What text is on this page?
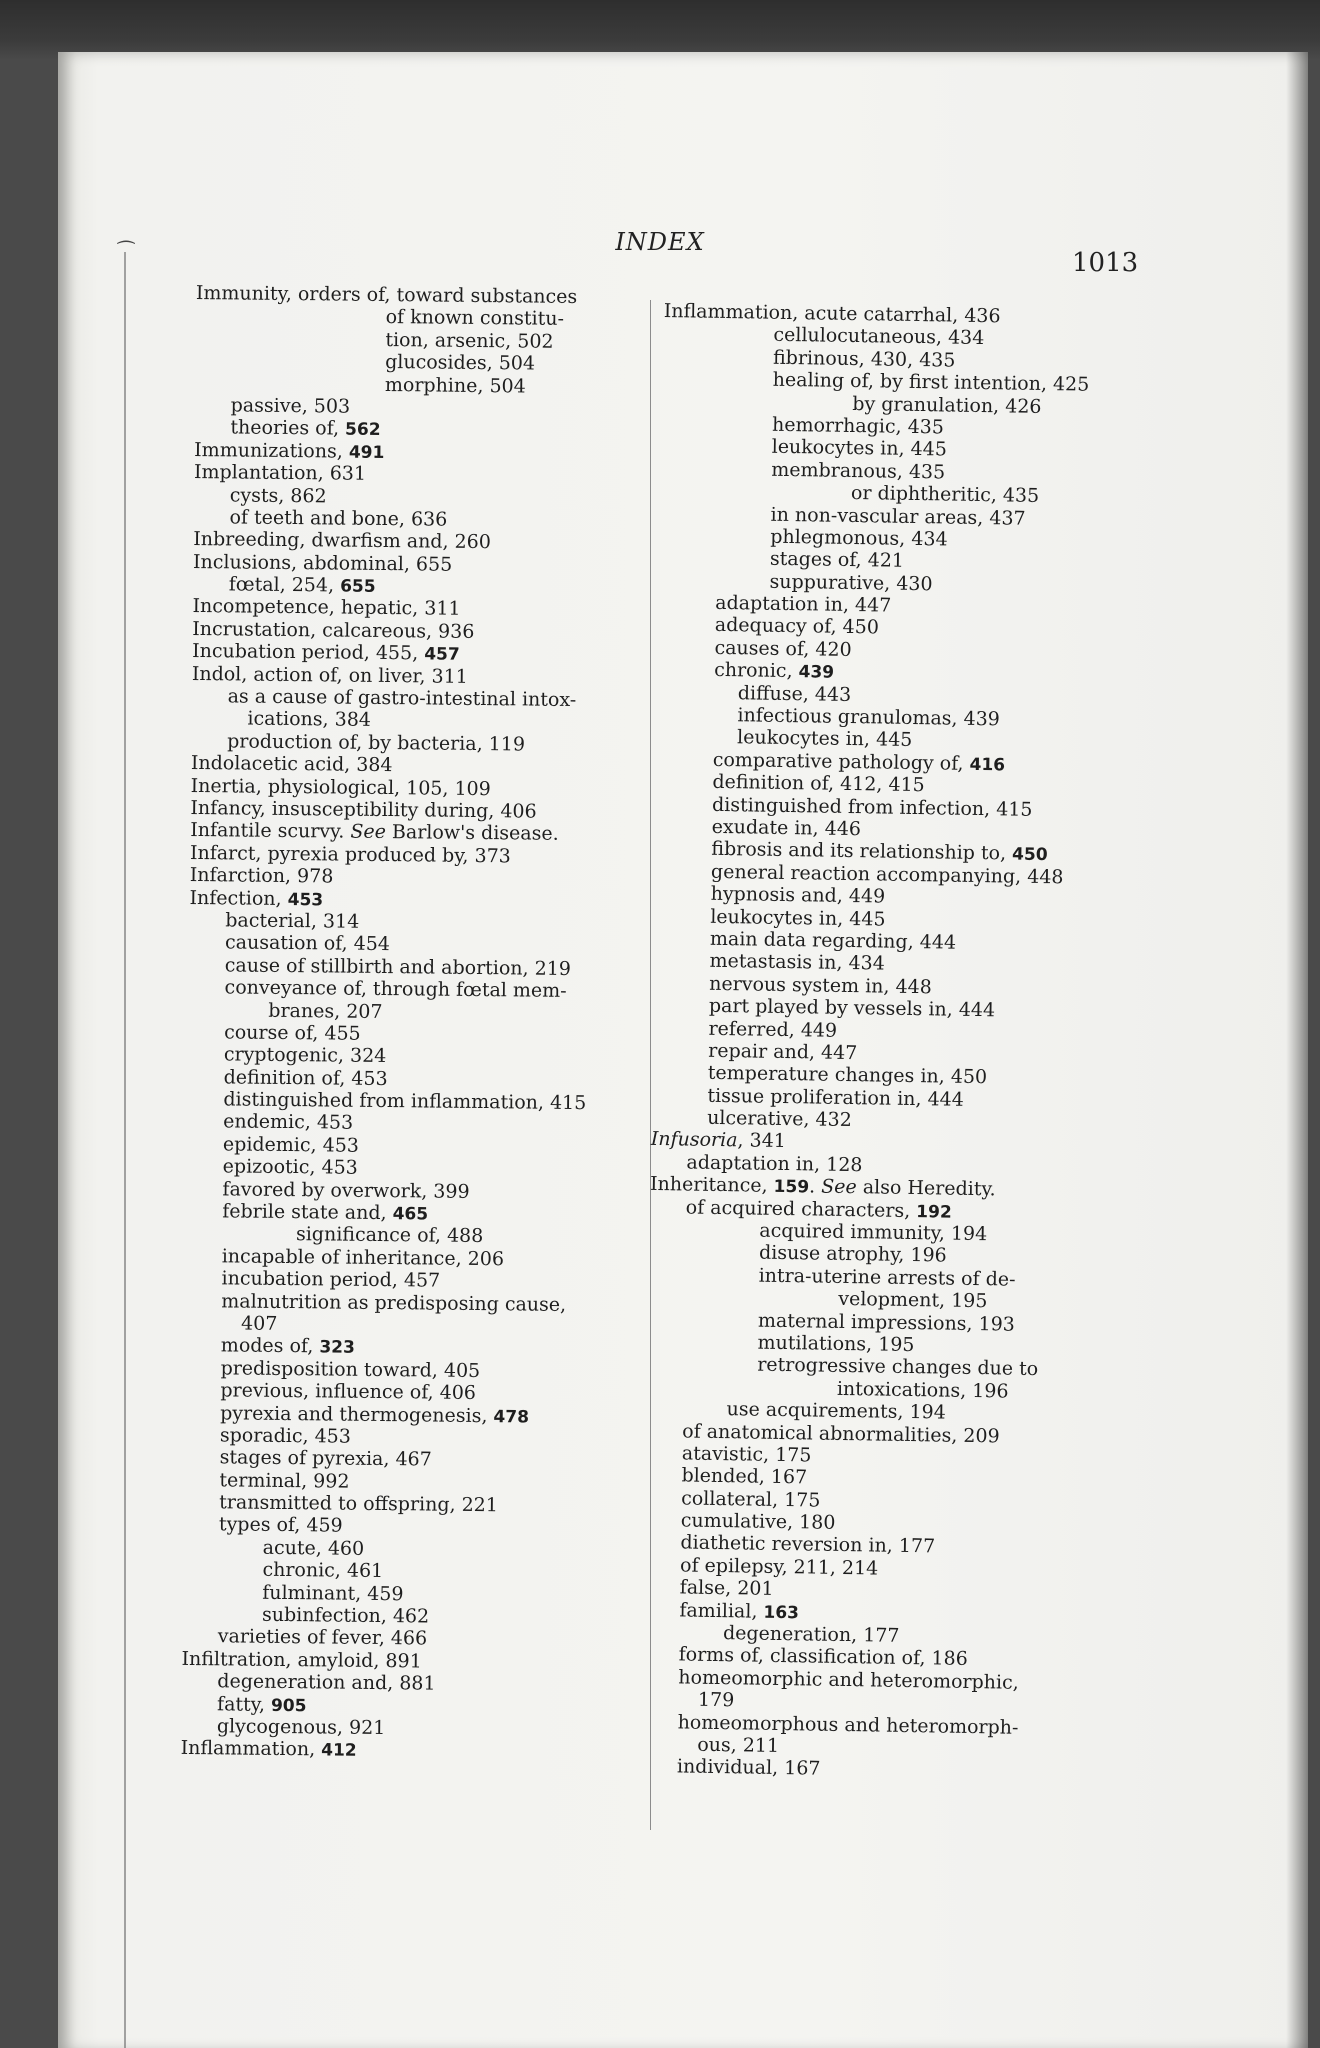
⁀	INDEX
1013
Immunity, orders of, toward substances
of known constitu-
tion, arsenic, 502
glucosides, 504
morphine, 504
passive, 503
theories of, 562
Immunizations, 491
Implantation, 631
cysts, 862
of teeth and bone, 636
Inbreeding, dwarfism and, 260
Inclusions, abdominal, 655
fœtal, 254, 655
Incompetence, hepatic, 311
Incrustation, calcareous, 936
Incubation period, 455, 457
Indol, action of, on liver, 311
as a cause of gastro-intestinal intox-
ications, 384
production of, by bacteria, 119
Indolacetic acid, 384
Inertia, physiological, 105, 109
Infancy, insusceptibility during, 406
Infantile scurvy. See Barlow's disease.
Infarct, pyrexia produced by, 373
Infarction, 978
Infection, 453
bacterial, 314
causation of, 454
cause of stillbirth and abortion, 219
conveyance of, through fœtal mem-
branes, 207
course of, 455
cryptogenic, 324
definition of, 453
distinguished from inflammation, 415
endemic, 453
epidemic, 453
epizootic, 453
favored by overwork, 399
febrile state and, 465
significance of, 488
incapable of inheritance, 206
incubation period, 457
malnutrition as predisposing cause,
407
modes of, 323
predisposition toward, 405
previous, influence of, 406
pyrexia and thermogenesis, 478
sporadic, 453
stages of pyrexia, 467
terminal, 992
transmitted to offspring, 221
types of, 459
acute, 460
chronic, 461
fulminant, 459
subinfection, 462
varieties of fever, 466
Infiltration, amyloid, 891
degeneration and, 881
fatty, 905
glycogenous, 921
Inflammation, 412
Inflammation, acute catarrhal, 436
cellulocutaneous, 434
fibrinous, 430, 435
healing of, by first intention, 425
by granulation, 426
hemorrhagic, 435
leukocytes in, 445
membranous, 435
or diphtheritic, 435
in non-vascular areas, 437
phlegmonous, 434
stages of, 421
suppurative, 430
adaptation in, 447
adequacy of, 450
causes of, 420
chronic, 439
diffuse, 443
infectious granulomas, 439
leukocytes in, 445
comparative pathology of, 416
definition of, 412, 415
distinguished from infection, 415
exudate in, 446
fibrosis and its relationship to, 450
general reaction accompanying, 448
hypnosis and, 449
leukocytes in, 445
main data regarding, 444
metastasis in, 434
nervous system in, 448
part played by vessels in, 444
referred, 449
repair and, 447
temperature changes in, 450
tissue proliferation in, 444
ulcerative, 432
Infusoria, 341
adaptation in, 128
Inheritance, 159. See also Heredity.
of acquired characters, 192
acquired immunity, 194
disuse atrophy, 196
intra-uterine arrests of de-
velopment, 195
maternal impressions, 193
mutilations, 195
retrogressive changes due to
intoxications, 196
use acquirements, 194
of anatomical abnormalities, 209
atavistic, 175
blended, 167
collateral, 175
cumulative, 180
diathetic reversion in, 177
of epilepsy, 211, 214
false, 201
familial, 163
degeneration, 177
forms of, classification of, 186
homeomorphic and heteromorphic,
179
homeomorphous and heteromorph-
ous, 211
individual, 167
